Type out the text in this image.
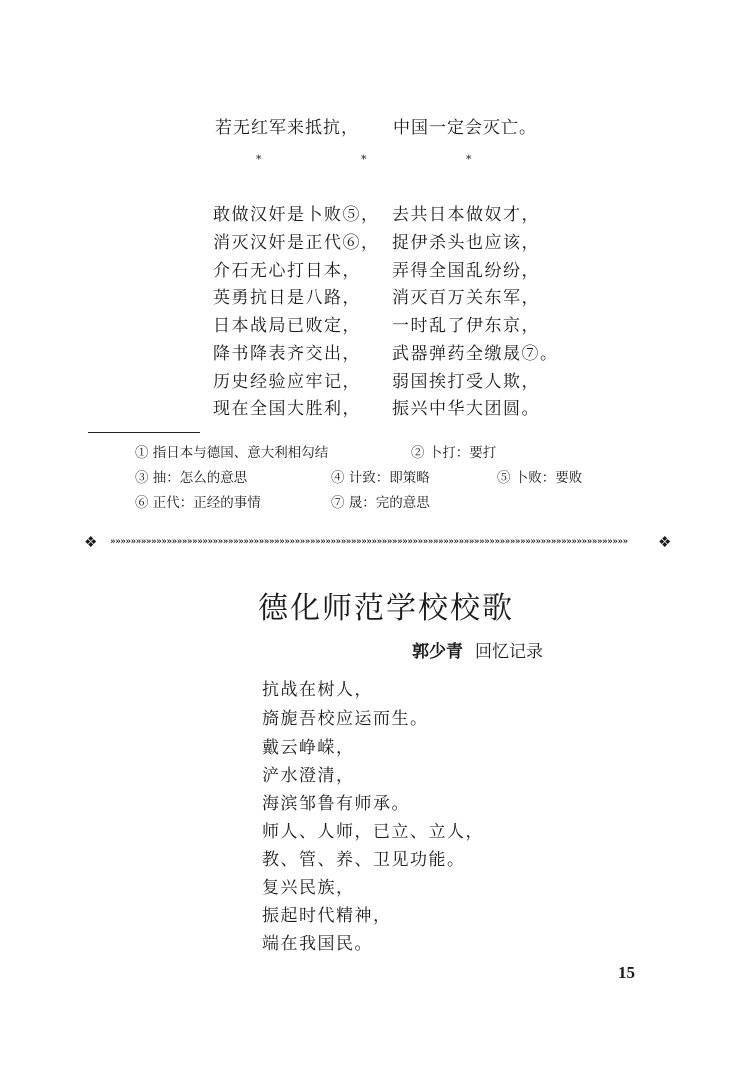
若无红军来抵抗， 中国一定会灭亡。
*	*	*
敢做汉奸是卜败⑤， 去共日本做奴才，
消灭汉奸是正代⑥， 捉伊杀头也应该，
介石无心打日本， 弄得全国乱纷纷，
英勇抗日是八路， 消灭百万关东军，
日本战局已败定， 一时乱了伊东京，
降书降表齐交出， 武器弹药全缴晟⑦。
历史经验应牢记， 弱国挨打受人欺，
现在全国大胜利， 振兴中华大团圆。
① 指日本与德国、意大利相勾结	② 卜打：要打
③ 抽：怎么的意思	④ 计致：即策略	⑤ 卜败：要败
⑥ 正代：正经的事情	⑦ 晟：完的意思
❖ »»»»»»»»»»»»»»»»»»»»»»»»»»»»»»»»»»»»»»»»»»»»»»»»»»»»»»»»»»»»»»»»»»»»»»»»»»»»»»»»»»»»»»»»»»»»»»»»»»»»»	❖
德化师范学校校歌
郭少青 回忆记录
抗战在树人，
旖旎吾校应运而生。
戴云峥嵘，
浐水澄清，
海滨邹鲁有师承。
师人、人师，已立、立人，
教、管、养、卫见功能。
复兴民族，
振起时代精神，
端在我国民。
15
